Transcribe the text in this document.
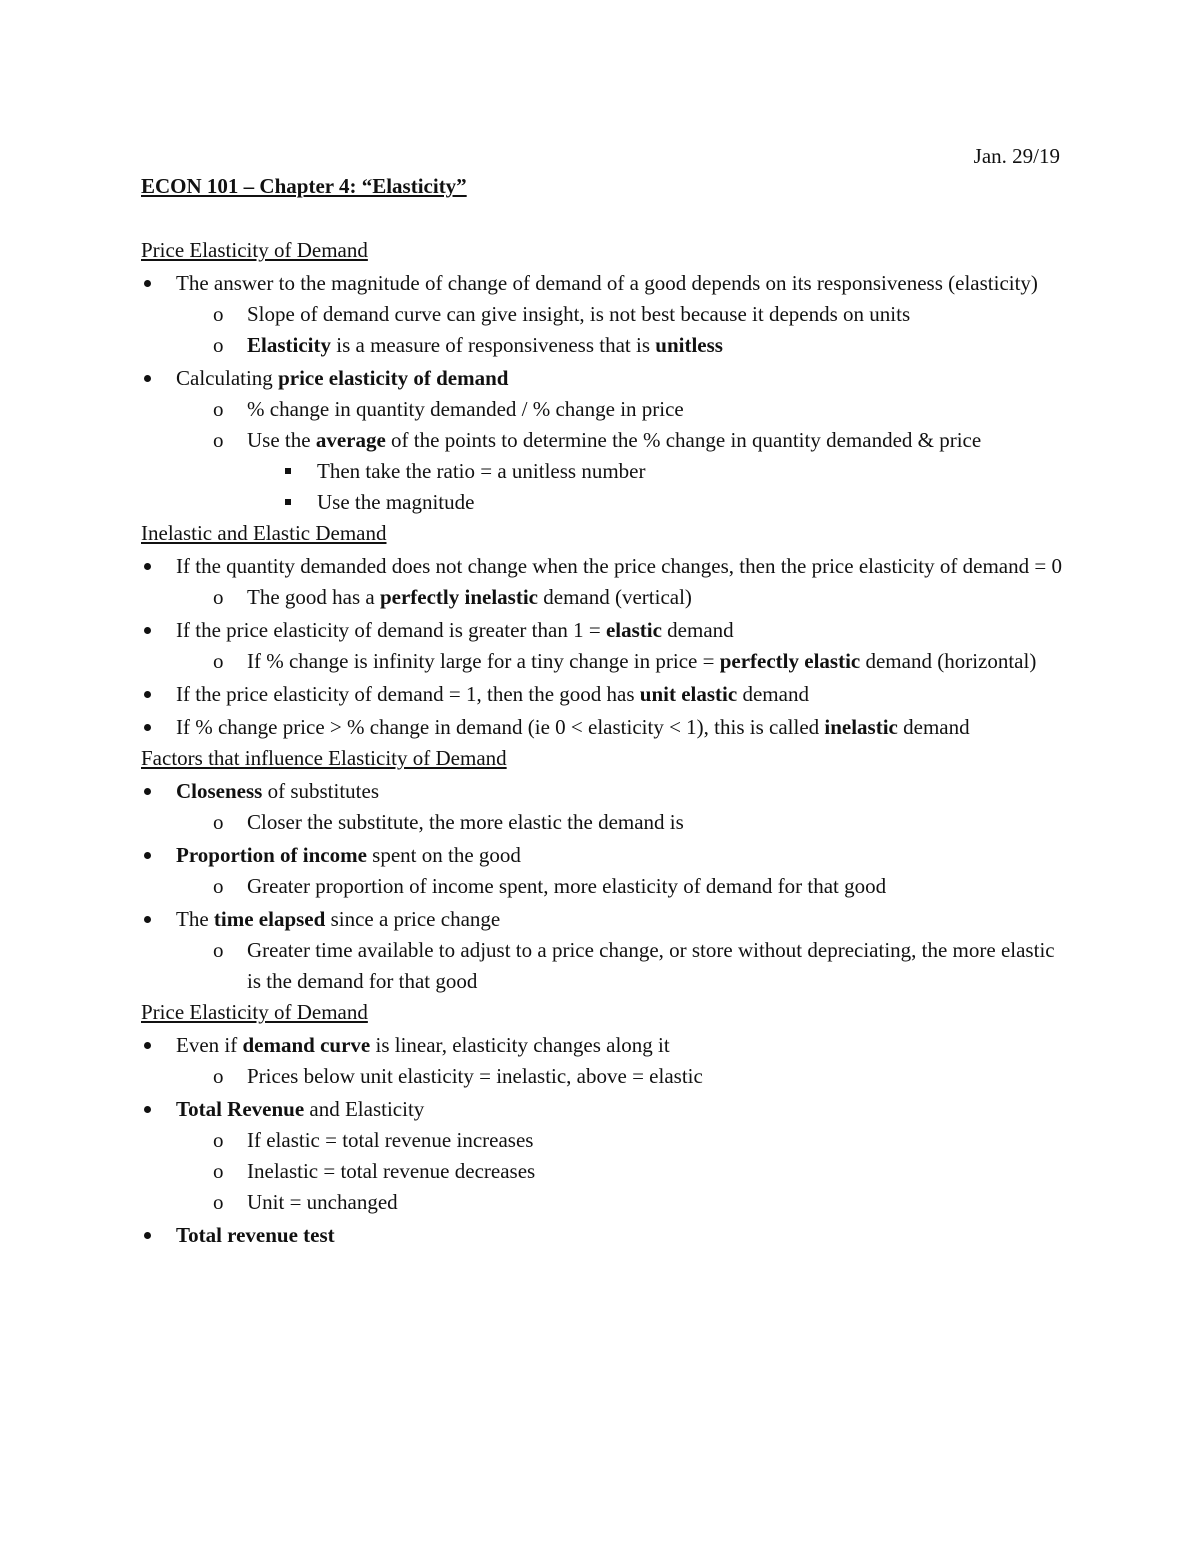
Jan. 29/19
ECON 101 – Chapter 4: “Elasticity”
Price Elasticity of Demand
The answer to the magnitude of change of demand of a good depends on its responsiveness (elasticity)
o Slope of demand curve can give insight, is not best because it depends on units
o Elasticity is a measure of responsiveness that is unitless
Calculating price elasticity of demand
o % change in quantity demanded / % change in price
o Use the average of the points to determine the % change in quantity demanded & price
Then take the ratio = a unitless number
Use the magnitude
Inelastic and Elastic Demand
If the quantity demanded does not change when the price changes, then the price elasticity of demand = 0
o The good has a perfectly inelastic demand (vertical)
If the price elasticity of demand is greater than 1 = elastic demand
o If % change is infinity large for a tiny change in price = perfectly elastic demand (horizontal)
If the price elasticity of demand = 1, then the good has unit elastic demand
If % change price > % change in demand (ie 0 < elasticity < 1), this is called inelastic demand
Factors that influence Elasticity of Demand
Closeness of substitutes
o Closer the substitute, the more elastic the demand is
Proportion of income spent on the good
o Greater proportion of income spent, more elasticity of demand for that good
The time elapsed since a price change
o Greater time available to adjust to a price change, or store without depreciating, the more elastic is the demand for that good
Price Elasticity of Demand
Even if demand curve is linear, elasticity changes along it
o Prices below unit elasticity = inelastic, above = elastic
Total Revenue and Elasticity
o If elastic = total revenue increases
o Inelastic = total revenue decreases
o Unit = unchanged
Total revenue test
